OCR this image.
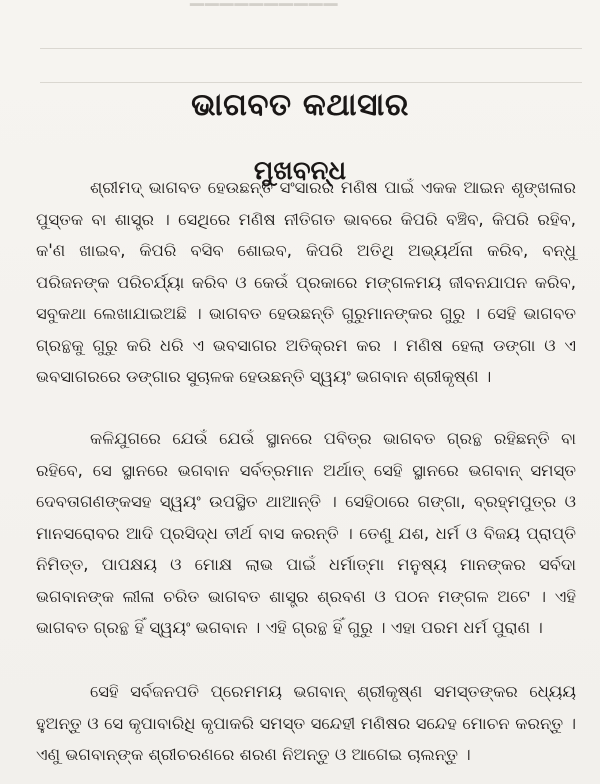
▔▔▔▔▔▔▔▔▔▔
ଭାଗବତ କଥାସାର
ମୁଖବନ୍ଧ

ଶ୍ରୀମଦ୍ ଭାଗବତ ହେଉଛନ୍ତି ସଂସାରର ମଣିଷ ପାଇଁ ଏକକ ଆଇନ ଶୃଙ୍ଖଳାର ପୁସ୍ତକ ବା ଶାସ୍ତ୍ର । ସେଥିରେ ମଣିଷ ନୀତିଗତ ଭାବରେ କିପରି ବଞ୍ଚିବ, କିପରି ରହିବ, କ'ଣ ଖାଇବ, କିପରି ବସିବ ଶୋଇବ, କିପରି ଅତିଥି ଅଭ୍ୟର୍ଥନା କରିବ, ବନ୍ଧୁ ପରିଜନଙ୍କ ପରିଚର୍ଯ୍ୟା କରିବ ଓ କେଉଁ ପ୍ରକାରେ ମଙ୍ଗଳମୟ ଜୀବନଯାପନ କରିବ, ସବୁକଥା ଲେଖାଯାଇଅଛି । ଭାଗବତ ହେଉଛନ୍ତି ଗୁରୁମାନଙ୍କର ଗୁରୁ । ସେହି ଭାଗବତ ଗ୍ରନ୍ଥକୁ ଗୁରୁ କରି ଧରି ଏ ଭବସାଗର ଅତିକ୍ରମ କର । ମଣିଷ ହେଲା ଡଙ୍ଗା ଓ ଏ ଭବସାଗରରେ ଡଙ୍ଗାର ସୁଚାଳକ ହେଉଛନ୍ତି ସ୍ୱୟଂ ଭଗବାନ ଶ୍ରୀକୃଷ୍ଣ ।

କଳିଯୁଗରେ ଯେଉଁ ଯେଉଁ ସ୍ଥାନରେ ପବିତ୍ର ଭାଗବତ ଗ୍ରନ୍ଥ ରହିଛନ୍ତି ବା ରହିବେ, ସେ ସ୍ଥାନରେ ଭଗବାନ ସର୍ବତ୍ରମାନ ଅର୍ଥାତ୍ ସେହି ସ୍ଥାନରେ ଭଗବାନ୍ ସମସ୍ତ ଦେବତାଗଣଙ୍କସହ ସ୍ୱୟଂ ଉପସ୍ଥିତ ଥାଆନ୍ତି । ସେହିଠାରେ ଗଙ୍ଗା, ବ୍ରହ୍ମପୁତ୍ର ଓ ମାନସରୋବର ଆଦି ପ୍ରସିଦ୍ଧ ତୀର୍ଥ ବାସ କରନ୍ତି । ତେଣୁ ଯଶ, ଧର୍ମ ଓ ବିଜୟ ପ୍ରାପ୍ତି ନିମିତ୍ତ, ପାପକ୍ଷୟ ଓ ମୋକ୍ଷ ଲାଭ ପାଇଁ ଧର୍ମାତ୍ମା ମନୁଷ୍ୟ ମାନଙ୍କର ସର୍ବଦା ଭଗବାନଙ୍କ ଲୀଳା ଚରିତ ଭାଗବତ ଶାସ୍ତ୍ର ଶ୍ରବଣ ଓ ପଠନ ମଙ୍ଗଳ ଅଟେ । ଏହି ଭାଗବତ ଗ୍ରନ୍ଥ ହିଁ ସ୍ୱୟଂ ଭଗବାନ । ଏହି ଗ୍ରନ୍ଥ ହିଁ ଗୁରୁ । ଏହା ପରମ ଧର୍ମ ପୁରାଣ ।

ସେହି ସର୍ବଜନପତି ପ୍ରେମମୟ ଭଗବାନ୍ ଶ୍ରୀକୃଷ୍ଣ ସମସ୍ତଙ୍କର ଧ୍ୟେୟ ହୁଅନ୍ତୁ ଓ ସେ କୃପାବାରିଧି କୃପାକରି ସମସ୍ତ ସନ୍ଦେହୀ ମଣିଷର ସନ୍ଦେହ ମୋଚନ କରନ୍ତୁ । ଏଣୁ ଭଗବାନ୍‌ଙ୍କ ଶ୍ରୀଚରଣରେ ଶରଣ ନିଅନ୍ତୁ ଓ ଆଗେଇ ଚାଲନ୍ତୁ ।
